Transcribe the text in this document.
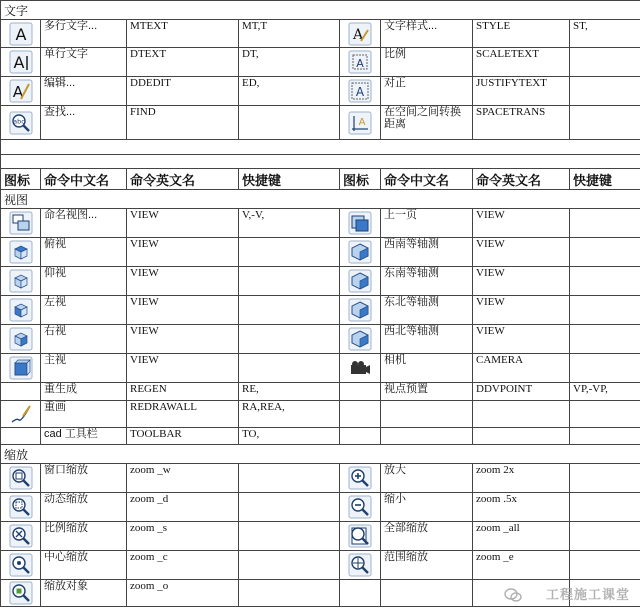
文字							

A	多行文字...	MTEXT	MT,T	A	文字样式...	STYLE	ST,

A	单行文字	DTEXT	DT,	A	比例	SCALETEXT	

A	编辑...	DDEDIT	ED,	A	对正	JUSTIFYTEXT	

abc	查找...	FIND		A	在空间之间转换距离	SPACETRANS	

图标	命令中文名	命令英文名	快捷键	图标	命令中文名	命令英文名	快捷键
视图							

	命名视图...	VIEW	V,-V,		上一页	VIEW	

	俯视	VIEW			西南等轴测	VIEW	

	仰视	VIEW			东南等轴测	VIEW	

	左视	VIEW			东北等轴测	VIEW	

	右视	VIEW			西北等轴测	VIEW	

	主视	VIEW			相机	CAMERA	
	重生成	REGEN	RE,		视点预置	DDVPOINT	VP,-VP,

	重画	REDRAWALL	RA,REA,				
	cad 工具栏	TOOLBAR	TO,				
缩放							

	窗口缩放	zoom _w			放大	zoom 2x	

	动态缩放	zoom _d			缩小	zoom .5x	

	比例缩放	zoom _s			全部缩放	zoom _all	

	中心缩放	zoom _c			范围缩放	zoom _e	

	缩放对象	zoom _o					
工程施工课堂
